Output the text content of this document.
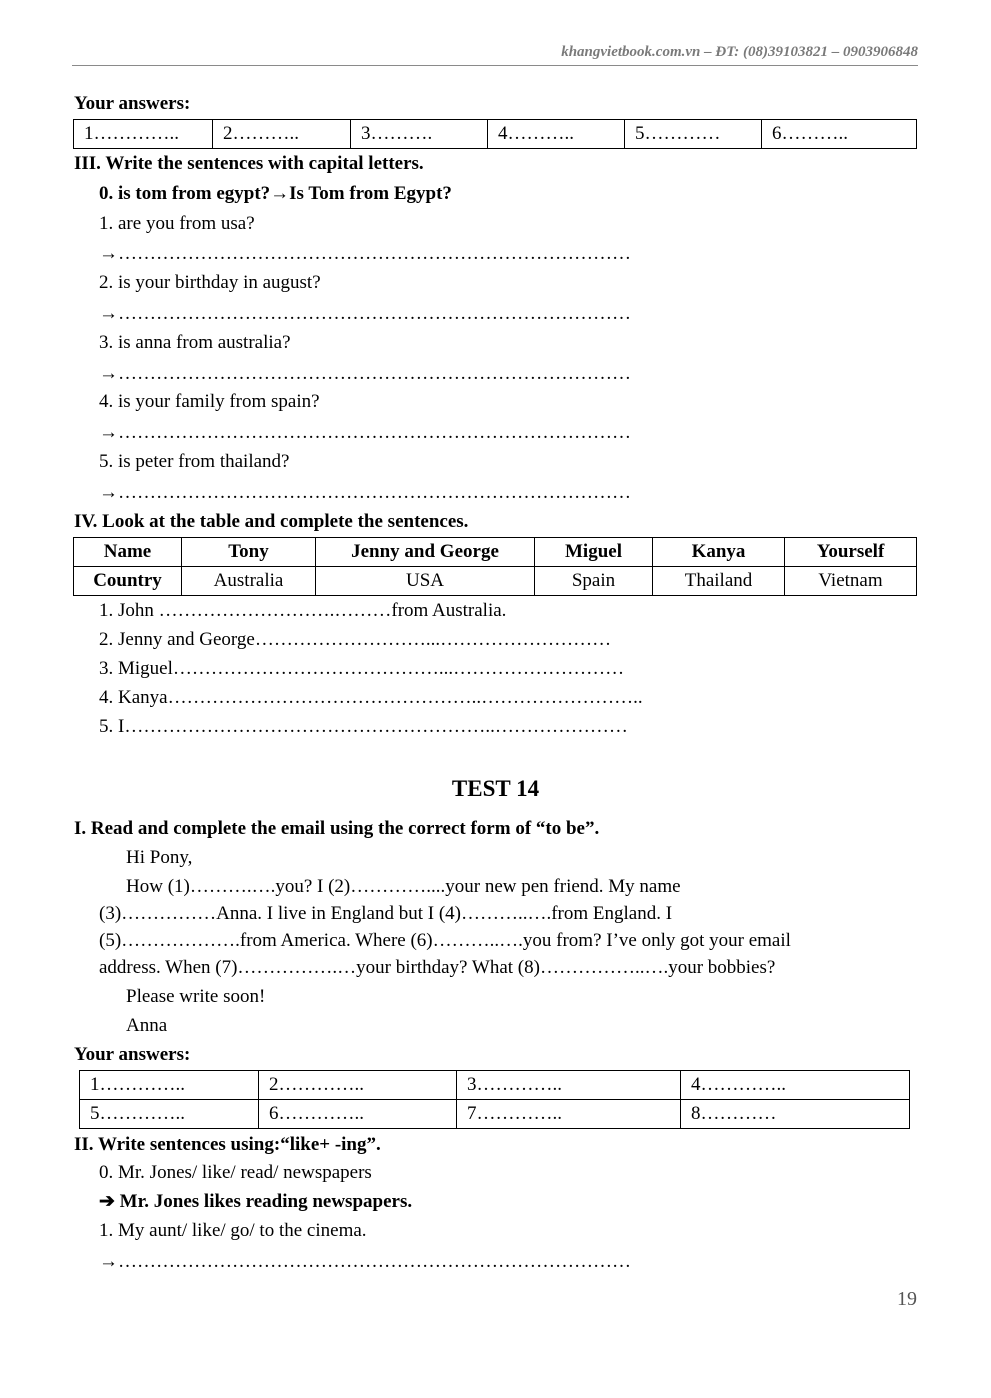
khangvietbook.com.vn – ĐT: (08)39103821 – 0903906848
Your answers:
1…………..	2………..	3……….	4………..	5…………	6………..
III. Write the sentences with capital letters.
0. is tom from egypt?→Is Tom from Egypt?
1. are you from usa?
→………………………………………………………………………
2. is your birthday in august?
→………………………………………………………………………
3. is anna from australia?
→………………………………………………………………………
4. is your family from spain?
→………………………………………………………………………
5. is peter from thailand?
→………………………………………………………………………
IV. Look at the table and complete the sentences.
Name	Tony	Jenny and George	Miguel	Kanya	Yourself
Country	Australia	USA	Spain	Thailand	Vietnam
1. John ……………………….………from Australia.
2. Jenny and George………………………...………………………
3. Miguel……………………………………...………………………
4. Kanya…………………………………………..……………………..
5. I…………………………………………………..…………………
TEST 14
I. Read and complete the email using the correct form of “to be”.
Hi Pony,
How (1)……….….you? I (2)…………....your new pen friend. My name
(3)……………Anna. I live in England but I (4)………..….from England. I
(5)……………….from America. Where (6)………..….you from? I’ve only got your email
address. When (7)…………….…your birthday? What (8)……………..….your bobbies?
Please write soon!
Anna
Your answers:
1…………..	2…………..	3…………..	4…………..
5…………..	6…………..	7…………..	8…………
II. Write sentences using:“like+ -ing”.
0. Mr. Jones/ like/ read/ newspapers
➔ Mr. Jones likes reading newspapers.
1. My aunt/ like/ go/ to the cinema.
→………………………………………………………………………
19
